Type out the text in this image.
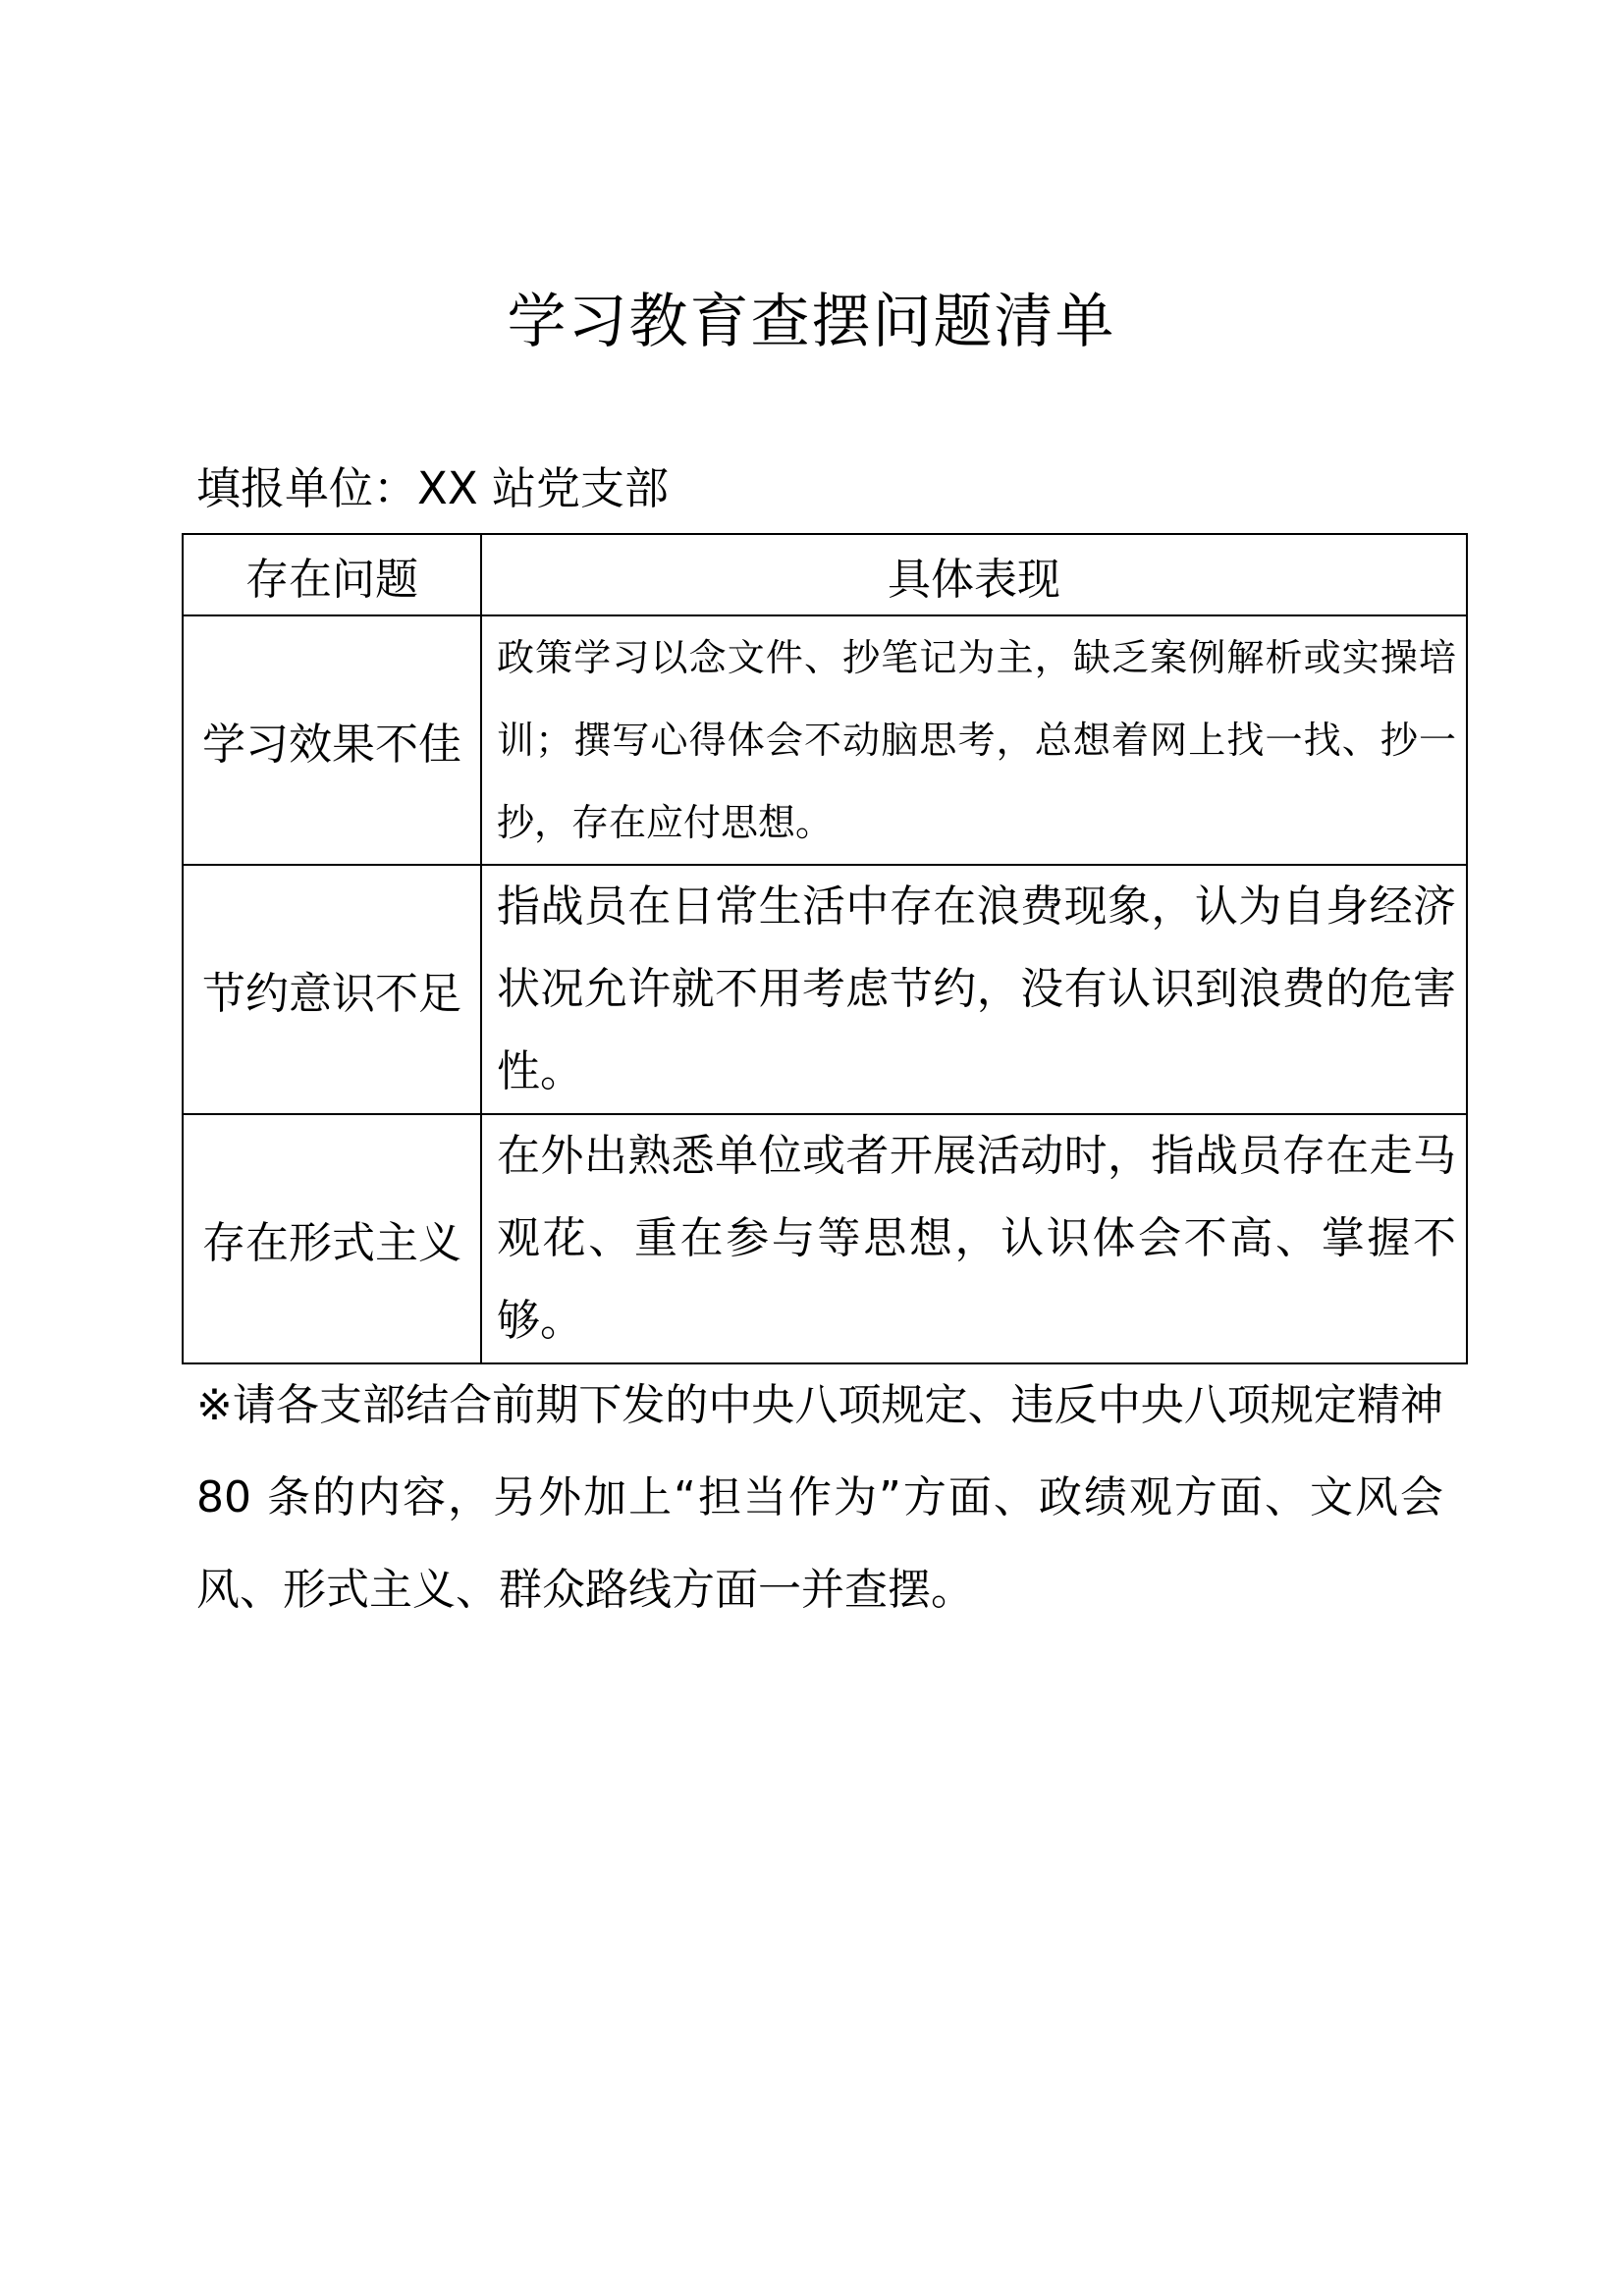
学习教育查摆问题清单
填报单位：XX 站党支部
存在问题	具体表现
学习效果不佳	政策学习以念文件、抄笔记为主，缺乏案例解析或实操培训；撰写心得体会不动脑思考，总想着网上找一找、抄一抄，存在应付思想。
节约意识不足	指战员在日常生活中存在浪费现象，认为自身经济状况允许就不用考虑节约，没有认识到浪费的危害性。
存在形式主义	在外出熟悉单位或者开展活动时，指战员存在走马观花、重在参与等思想，认识体会不高、掌握不够。
※请各支部结合前期下发的中央八项规定、违反中央八项规定精神 80 条的内容，另外加上“担当作为”方面、政绩观方面、文风会风、形式主义、群众路线方面一并查摆。
